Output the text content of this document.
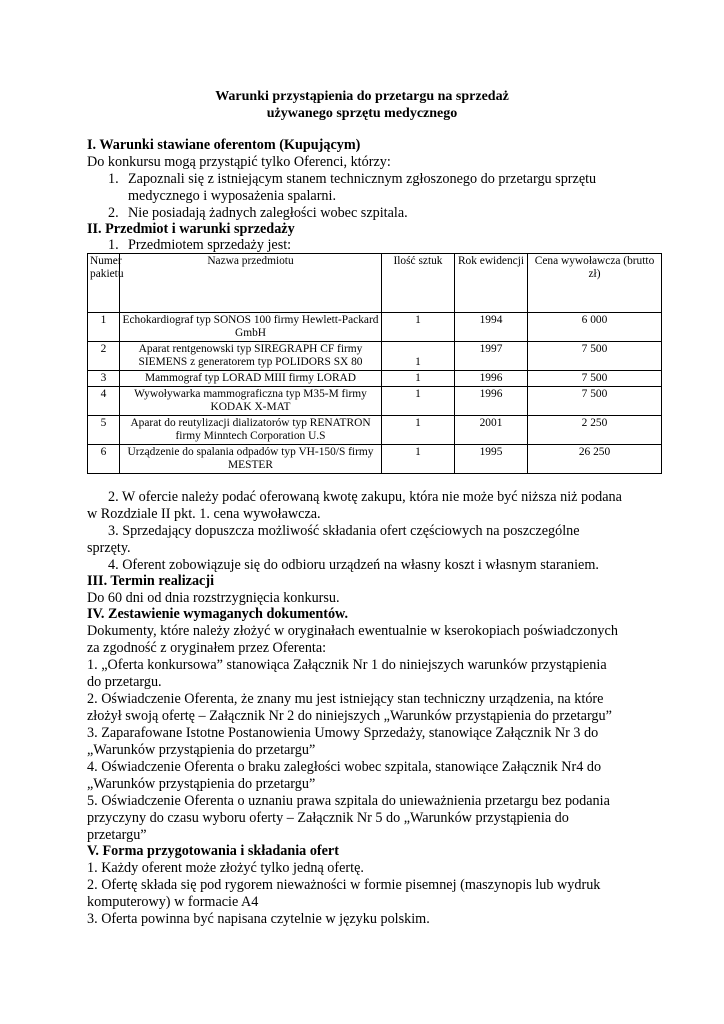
Warunki przystąpienia do przetargu na sprzedaż
używanego sprzętu medycznego
I. Warunki stawiane oferentom (Kupującym)
Do konkursu mogą przystąpić tylko Oferenci, którzy:
1. Zapoznali się z istniejącym stanem technicznym zgłoszonego do przetargu sprzętu
medycznego i wyposażenia spalarni.
2. Nie posiadają żadnych zaległości wobec szpitala.
II. Przedmiot i warunki sprzedaży
1. Przedmiotem sprzedaży jest:
Numer pakietu	Nazwa przedmiotu	Ilość sztuk	Rok ewidencji	Cena wywoławcza (brutto zł)
1	Echokardiograf typ SONOS 100 firmy Hewlett-Packard GmbH	1	1994	6 000
2	Aparat rentgenowski typ SIREGRAPH CF firmy SIEMENS z generatorem typ POLIDORS SX 80	1	1997	7 500
3	Mammograf typ LORAD MIII firmy LORAD	1	1996	7 500
4	Wywoływarka mammograficzna typ M35-M firmy KODAK X-MAT	1	1996	7 500
5	Aparat do reutylizacji dializatorów typ RENATRON firmy Minntech Corporation U.S	1	2001	2 250
6	Urządzenie do spalania odpadów typ VH-150/S firmy MESTER	1	1995	26 250
2. W ofercie należy podać oferowaną kwotę zakupu, która nie może być niższa niż podana
w Rozdziale II pkt. 1. cena wywoławcza.
3. Sprzedający dopuszcza możliwość składania ofert częściowych na poszczególne
sprzęty.
4. Oferent zobowiązuje się do odbioru urządzeń na własny koszt i własnym staraniem.
III. Termin realizacji
Do 60 dni od dnia rozstrzygnięcia konkursu.
IV. Zestawienie wymaganych dokumentów.
Dokumenty, które należy złożyć w oryginałach ewentualnie w kserokopiach poświadczonych
za zgodność z oryginałem przez Oferenta:
1. „Oferta konkursowa” stanowiąca Załącznik Nr 1 do niniejszych warunków przystąpienia
do przetargu.
2. Oświadczenie Oferenta, że znany mu jest istniejący stan techniczny urządzenia, na które
złożył swoją ofertę – Załącznik Nr 2 do niniejszych „Warunków przystąpienia do przetargu”
3. Zaparafowane Istotne Postanowienia Umowy Sprzedaży, stanowiące Załącznik Nr 3 do
„Warunków przystąpienia do przetargu”
4. Oświadczenie Oferenta o braku zaległości wobec szpitala, stanowiące Załącznik Nr4 do
„Warunków przystąpienia do przetargu”
5. Oświadczenie Oferenta o uznaniu prawa szpitala do unieważnienia przetargu bez podania
przyczyny do czasu wyboru oferty – Załącznik Nr 5 do „Warunków przystąpienia do
przetargu”
V. Forma przygotowania i składania ofert
1. Każdy oferent może złożyć tylko jedną ofertę.
2. Ofertę składa się pod rygorem nieważności w formie pisemnej (maszynopis lub wydruk
komputerowy) w formacie A4
3. Oferta powinna być napisana czytelnie w języku polskim.
